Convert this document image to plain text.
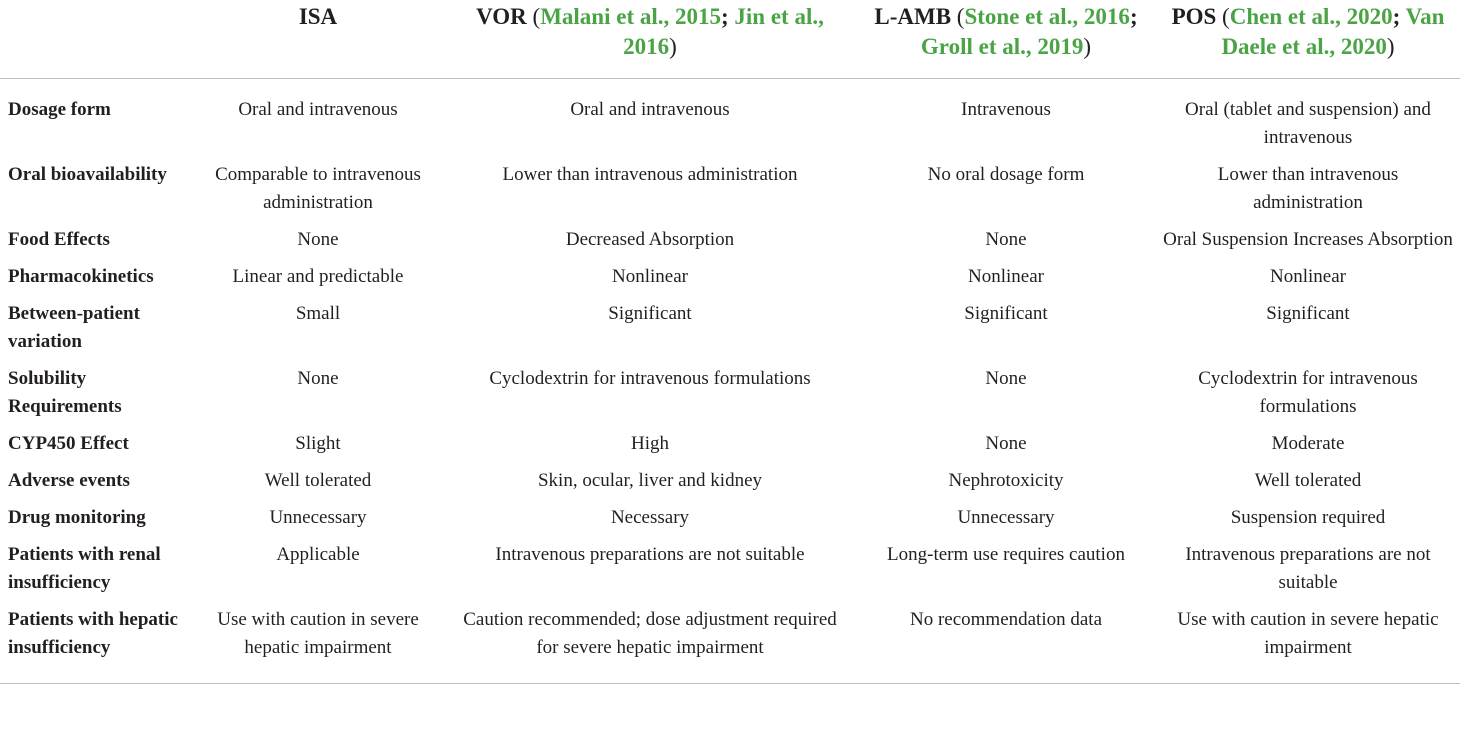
	ISA	VOR (Malani et al., 2015; Jin et al., 2016)	L-AMB (Stone et al., 2016; Groll et al., 2019)	POS (Chen et al., 2020; Van Daele et al., 2020)
Dosage form	Oral and intravenous	Oral and intravenous	Intravenous	Oral (tablet and suspension) and intravenous
Oral bioavailability	Comparable to intravenous administration	Lower than intravenous administration	No oral dosage form	Lower than intravenous administration
Food Effects	None	Decreased Absorption	None	Oral Suspension Increases Absorption
Pharmacokinetics	Linear and predictable	Nonlinear	Nonlinear	Nonlinear
Between-patient variation	Small	Significant	Significant	Significant
Solubility Requirements	None	Cyclodextrin for intravenous formulations	None	Cyclodextrin for intravenous formulations
CYP450 Effect	Slight	High	None	Moderate
Adverse events	Well tolerated	Skin, ocular, liver and kidney	Nephrotoxicity	Well tolerated
Drug monitoring	Unnecessary	Necessary	Unnecessary	Suspension required
Patients with renal insufficiency	Applicable	Intravenous preparations are not suitable	Long-term use requires caution	Intravenous preparations are not suitable
Patients with hepatic insufficiency	Use with caution in severe hepatic impairment	Caution recommended; dose adjustment required for severe hepatic impairment	No recommendation data	Use with caution in severe hepatic impairment
